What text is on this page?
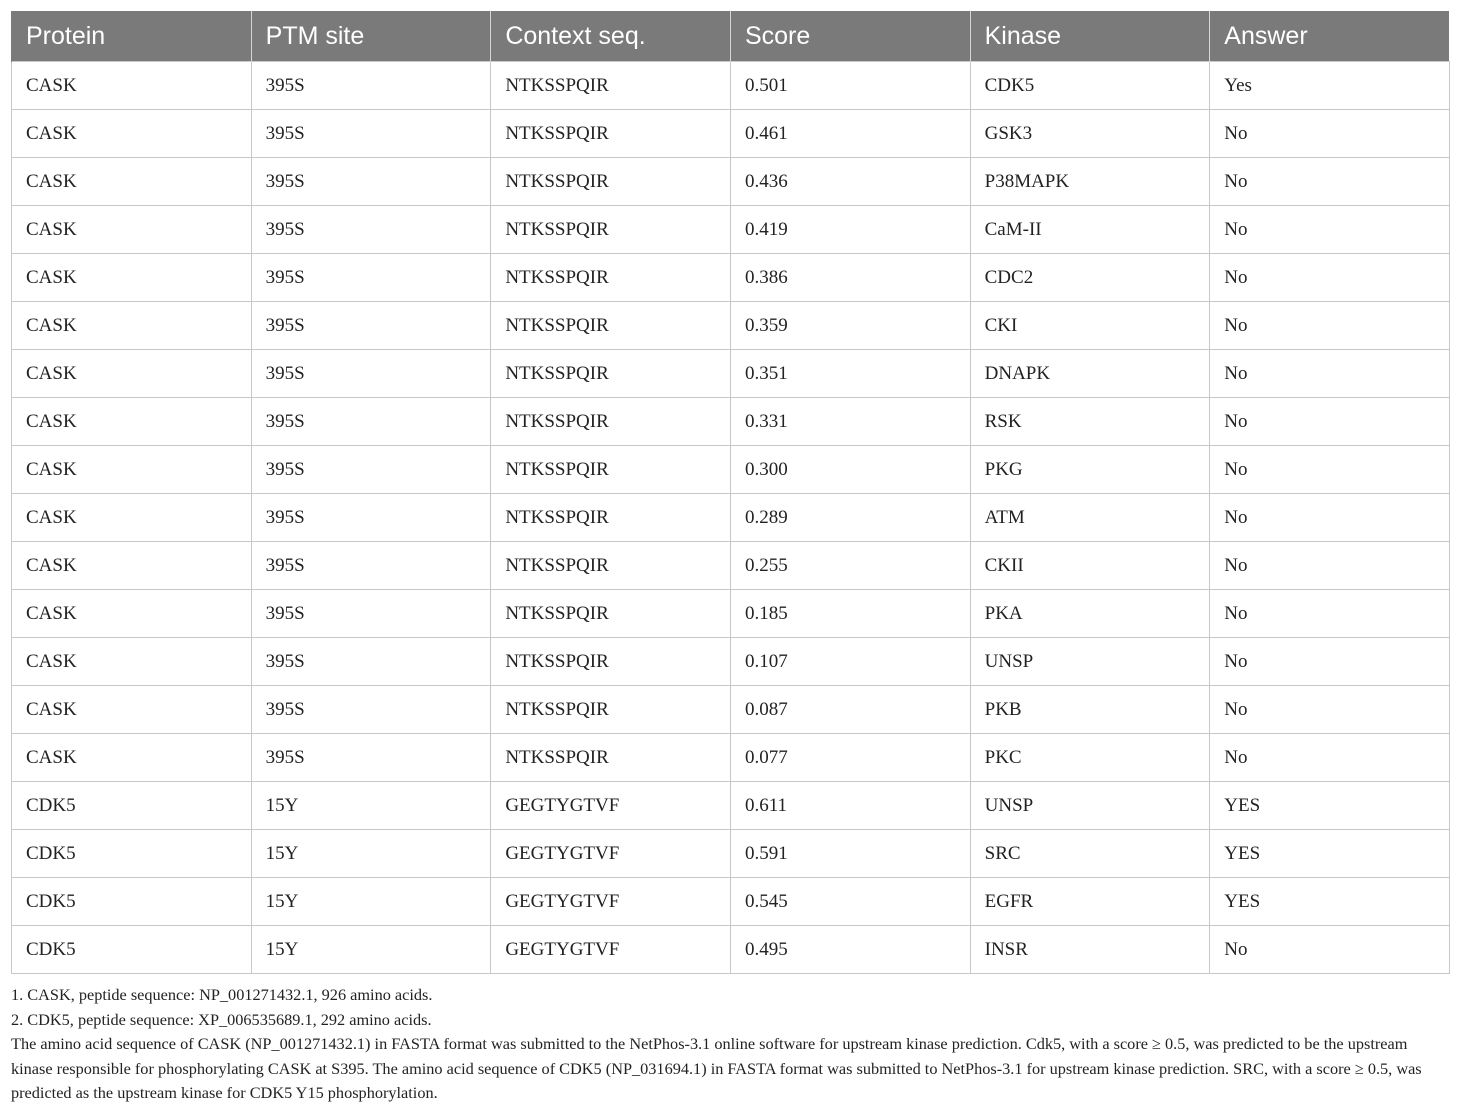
Protein	PTM site	Context seq.	Score	Kinase	Answer
CASK	395S	NTKSSPQIR	0.501	CDK5	Yes
CASK	395S	NTKSSPQIR	0.461	GSK3	No
CASK	395S	NTKSSPQIR	0.436	P38MAPK	No
CASK	395S	NTKSSPQIR	0.419	CaM-II	No
CASK	395S	NTKSSPQIR	0.386	CDC2	No
CASK	395S	NTKSSPQIR	0.359	CKI	No
CASK	395S	NTKSSPQIR	0.351	DNAPK	No
CASK	395S	NTKSSPQIR	0.331	RSK	No
CASK	395S	NTKSSPQIR	0.300	PKG	No
CASK	395S	NTKSSPQIR	0.289	ATM	No
CASK	395S	NTKSSPQIR	0.255	CKII	No
CASK	395S	NTKSSPQIR	0.185	PKA	No
CASK	395S	NTKSSPQIR	0.107	UNSP	No
CASK	395S	NTKSSPQIR	0.087	PKB	No
CASK	395S	NTKSSPQIR	0.077	PKC	No
CDK5	15Y	GEGTYGTVF	0.611	UNSP	YES
CDK5	15Y	GEGTYGTVF	0.591	SRC	YES
CDK5	15Y	GEGTYGTVF	0.545	EGFR	YES
CDK5	15Y	GEGTYGTVF	0.495	INSR	No

1. CASK, peptide sequence: NP_001271432.1, 926 amino acids.

2. CDK5, peptide sequence: XP_006535689.1, 292 amino acids.

The amino acid sequence of CASK (NP_001271432.1) in FASTA format was submitted to the NetPhos-3.1 online software for upstream kinase prediction. Cdk5, with a score ≥ 0.5, was predicted to be the upstream kinase responsible for phosphorylating CASK at S395. The amino acid sequence of CDK5 (NP_031694.1) in FASTA format was submitted to NetPhos-3.1 for upstream kinase prediction. SRC, with a score ≥ 0.5, was predicted as the upstream kinase for CDK5 Y15 phosphorylation.
